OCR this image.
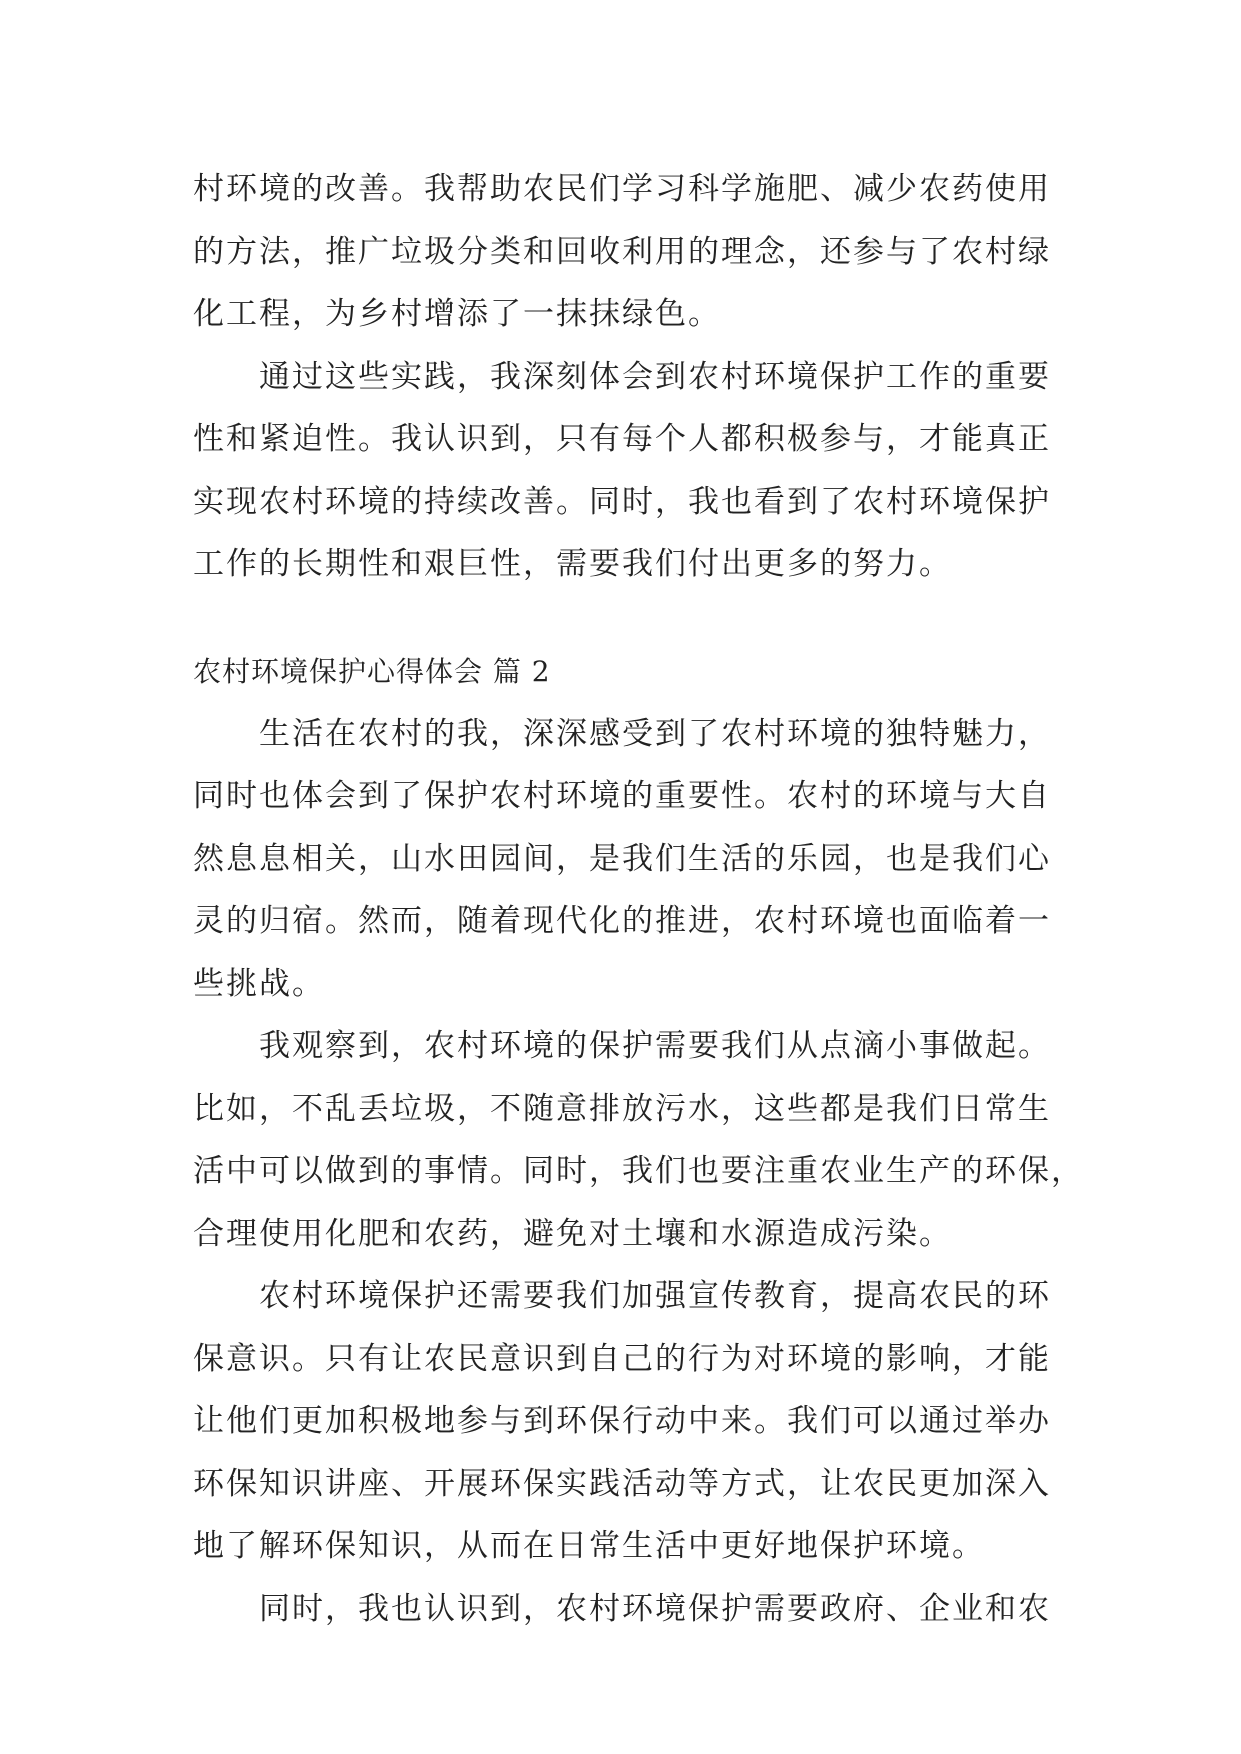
村环境的改善。我帮助农民们学习科学施肥、减少农药使用
的方法，推广垃圾分类和回收利用的理念，还参与了农村绿
化工程，为乡村增添了一抹抹绿色。

通过这些实践，我深刻体会到农村环境保护工作的重要
性和紧迫性。我认识到，只有每个人都积极参与，才能真正
实现农村环境的持续改善。同时，我也看到了农村环境保护
工作的长期性和艰巨性，需要我们付出更多的努力。

农村环境保护心得体会 篇 2

生活在农村的我，深深感受到了农村环境的独特魅力，
同时也体会到了保护农村环境的重要性。农村的环境与大自
然息息相关，山水田园间，是我们生活的乐园，也是我们心
灵的归宿。然而，随着现代化的推进，农村环境也面临着一
些挑战。

我观察到，农村环境的保护需要我们从点滴小事做起。
比如，不乱丢垃圾，不随意排放污水，这些都是我们日常生
活中可以做到的事情。同时，我们也要注重农业生产的环保，
合理使用化肥和农药，避免对土壤和水源造成污染。

农村环境保护还需要我们加强宣传教育，提高农民的环
保意识。只有让农民意识到自己的行为对环境的影响，才能
让他们更加积极地参与到环保行动中来。我们可以通过举办
环保知识讲座、开展环保实践活动等方式，让农民更加深入
地了解环保知识，从而在日常生活中更好地保护环境。

同时，我也认识到，农村环境保护需要政府、企业和农
